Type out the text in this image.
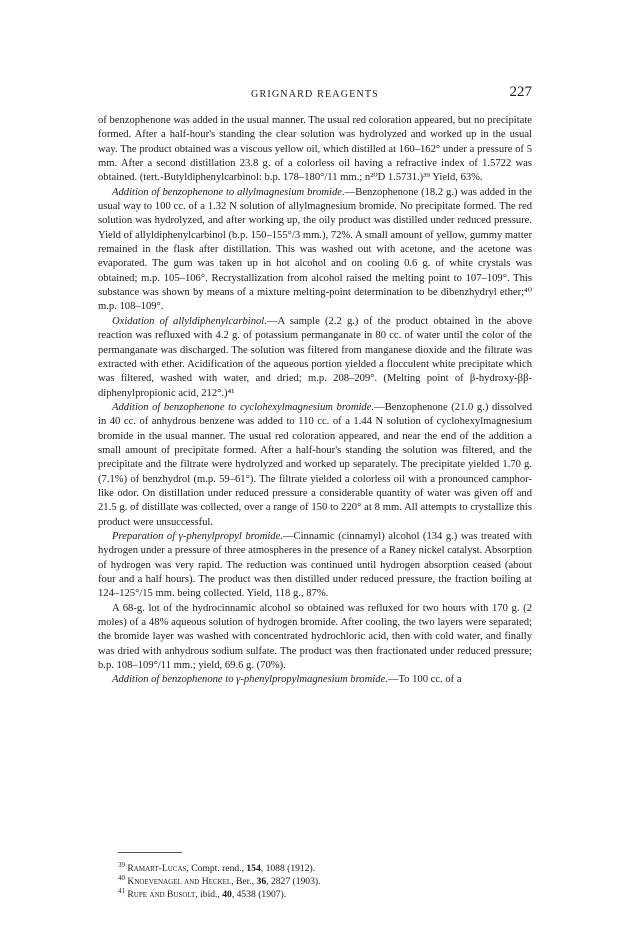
GRIGNARD REAGENTS	227

of benzophenone was added in the usual manner. The usual red coloration appeared, but no precipitate formed. After a half-hour's standing the clear solution was hydrolyzed and worked up in the usual way. The product obtained was a viscous yellow oil, which distilled at 160–162° under a pressure of 5 mm. After a second distillation 23.8 g. of a colorless oil having a refractive index of 1.5722 was obtained. (tert.-Butyldiphenylcarbinol: b.p. 178–180°/11 mm.; n²⁰D 1.5731.)³⁹ Yield, 63%.

Addition of benzophenone to allylmagnesium bromide.—Benzophenone (18.2 g.) was added in the usual way to 100 cc. of a 1.32 N solution of allylmagnesium bromide. No precipitate formed. The red solution was hydrolyzed, and after working up, the oily product was distilled under reduced pressure. Yield of allyldiphenylcarbinol (b.p. 150–155°/3 mm.), 72%. A small amount of yellow, gummy matter remained in the flask after distillation. This was washed out with acetone, and the acetone was evaporated. The gum was taken up in hot alcohol and on cooling 0.6 g. of white crystals was obtained; m.p. 105–106°. Recrystallization from alcohol raised the melting point to 107–109°. This substance was shown by means of a mixture melting-point determination to be dibenzhydryl ether;⁴⁰ m.p. 108–109°.

Oxidation of allyldiphenylcarbinol.—A sample (2.2 g.) of the product obtained in the above reaction was refluxed with 4.2 g. of potassium permanganate in 80 cc. of water until the color of the permanganate was discharged. The solution was filtered from manganese dioxide and the filtrate was extracted with ether. Acidification of the aqueous portion yielded a flocculent white precipitate which was filtered, washed with water, and dried; m.p. 208–209°. (Melting point of β-hydroxy-ββ-diphenylpropionic acid, 212°.)⁴¹

Addition of benzophenone to cyclohexylmagnesium bromide.—Benzophenone (21.0 g.) dissolved in 40 cc. of anhydrous benzene was added to 110 cc. of a 1.44 N solution of cyclohexylmagnesium bromide in the usual manner. The usual red coloration appeared, and near the end of the addition a small amount of precipitate formed. After a half-hour's standing the solution was filtered, and the precipitate and the filtrate were hydrolyzed and worked up separately. The precipitate yielded 1.70 g. (7.1%) of benzhydrol (m.p. 59–61°). The filtrate yielded a colorless oil with a pronounced camphor-like odor. On distillation under reduced pressure a considerable quantity of water was given off and 21.5 g. of distillate was collected, over a range of 150 to 220° at 8 mm. All attempts to crystallize this product were unsuccessful.

Preparation of γ-phenylpropyl bromide.—Cinnamic (cinnamyl) alcohol (134 g.) was treated with hydrogen under a pressure of three atmospheres in the presence of a Raney nickel catalyst. Absorption of hydrogen was very rapid. The reduction was continued until hydrogen absorption ceased (about four and a half hours). The product was then distilled under reduced pressure, the fraction boiling at 124–125°/15 mm. being collected. Yield, 118 g., 87%.

A 68-g. lot of the hydrocinnamic alcohol so obtained was refluxed for two hours with 170 g. (2 moles) of a 48% aqueous solution of hydrogen bromide. After cooling, the two layers were separated; the bromide layer was washed with concentrated hydrochloric acid, then with cold water, and finally was dried with anhydrous sodium sulfate. The product was then fractionated under reduced pressure; b.p. 108–109°/11 mm.; yield, 69.6 g. (70%).

Addition of benzophenone to γ-phenylpropylmagnesium bromide.—To 100 cc. of a

$^{39}$ Ramart-Lucas, Compt. rend., 154, 1088 (1912).
$^{40}$ Knoevenagel and Heckel, Ber., 36, 2827 (1903).
$^{41}$ Rupe and Busolt, ibid., 40, 4538 (1907).
